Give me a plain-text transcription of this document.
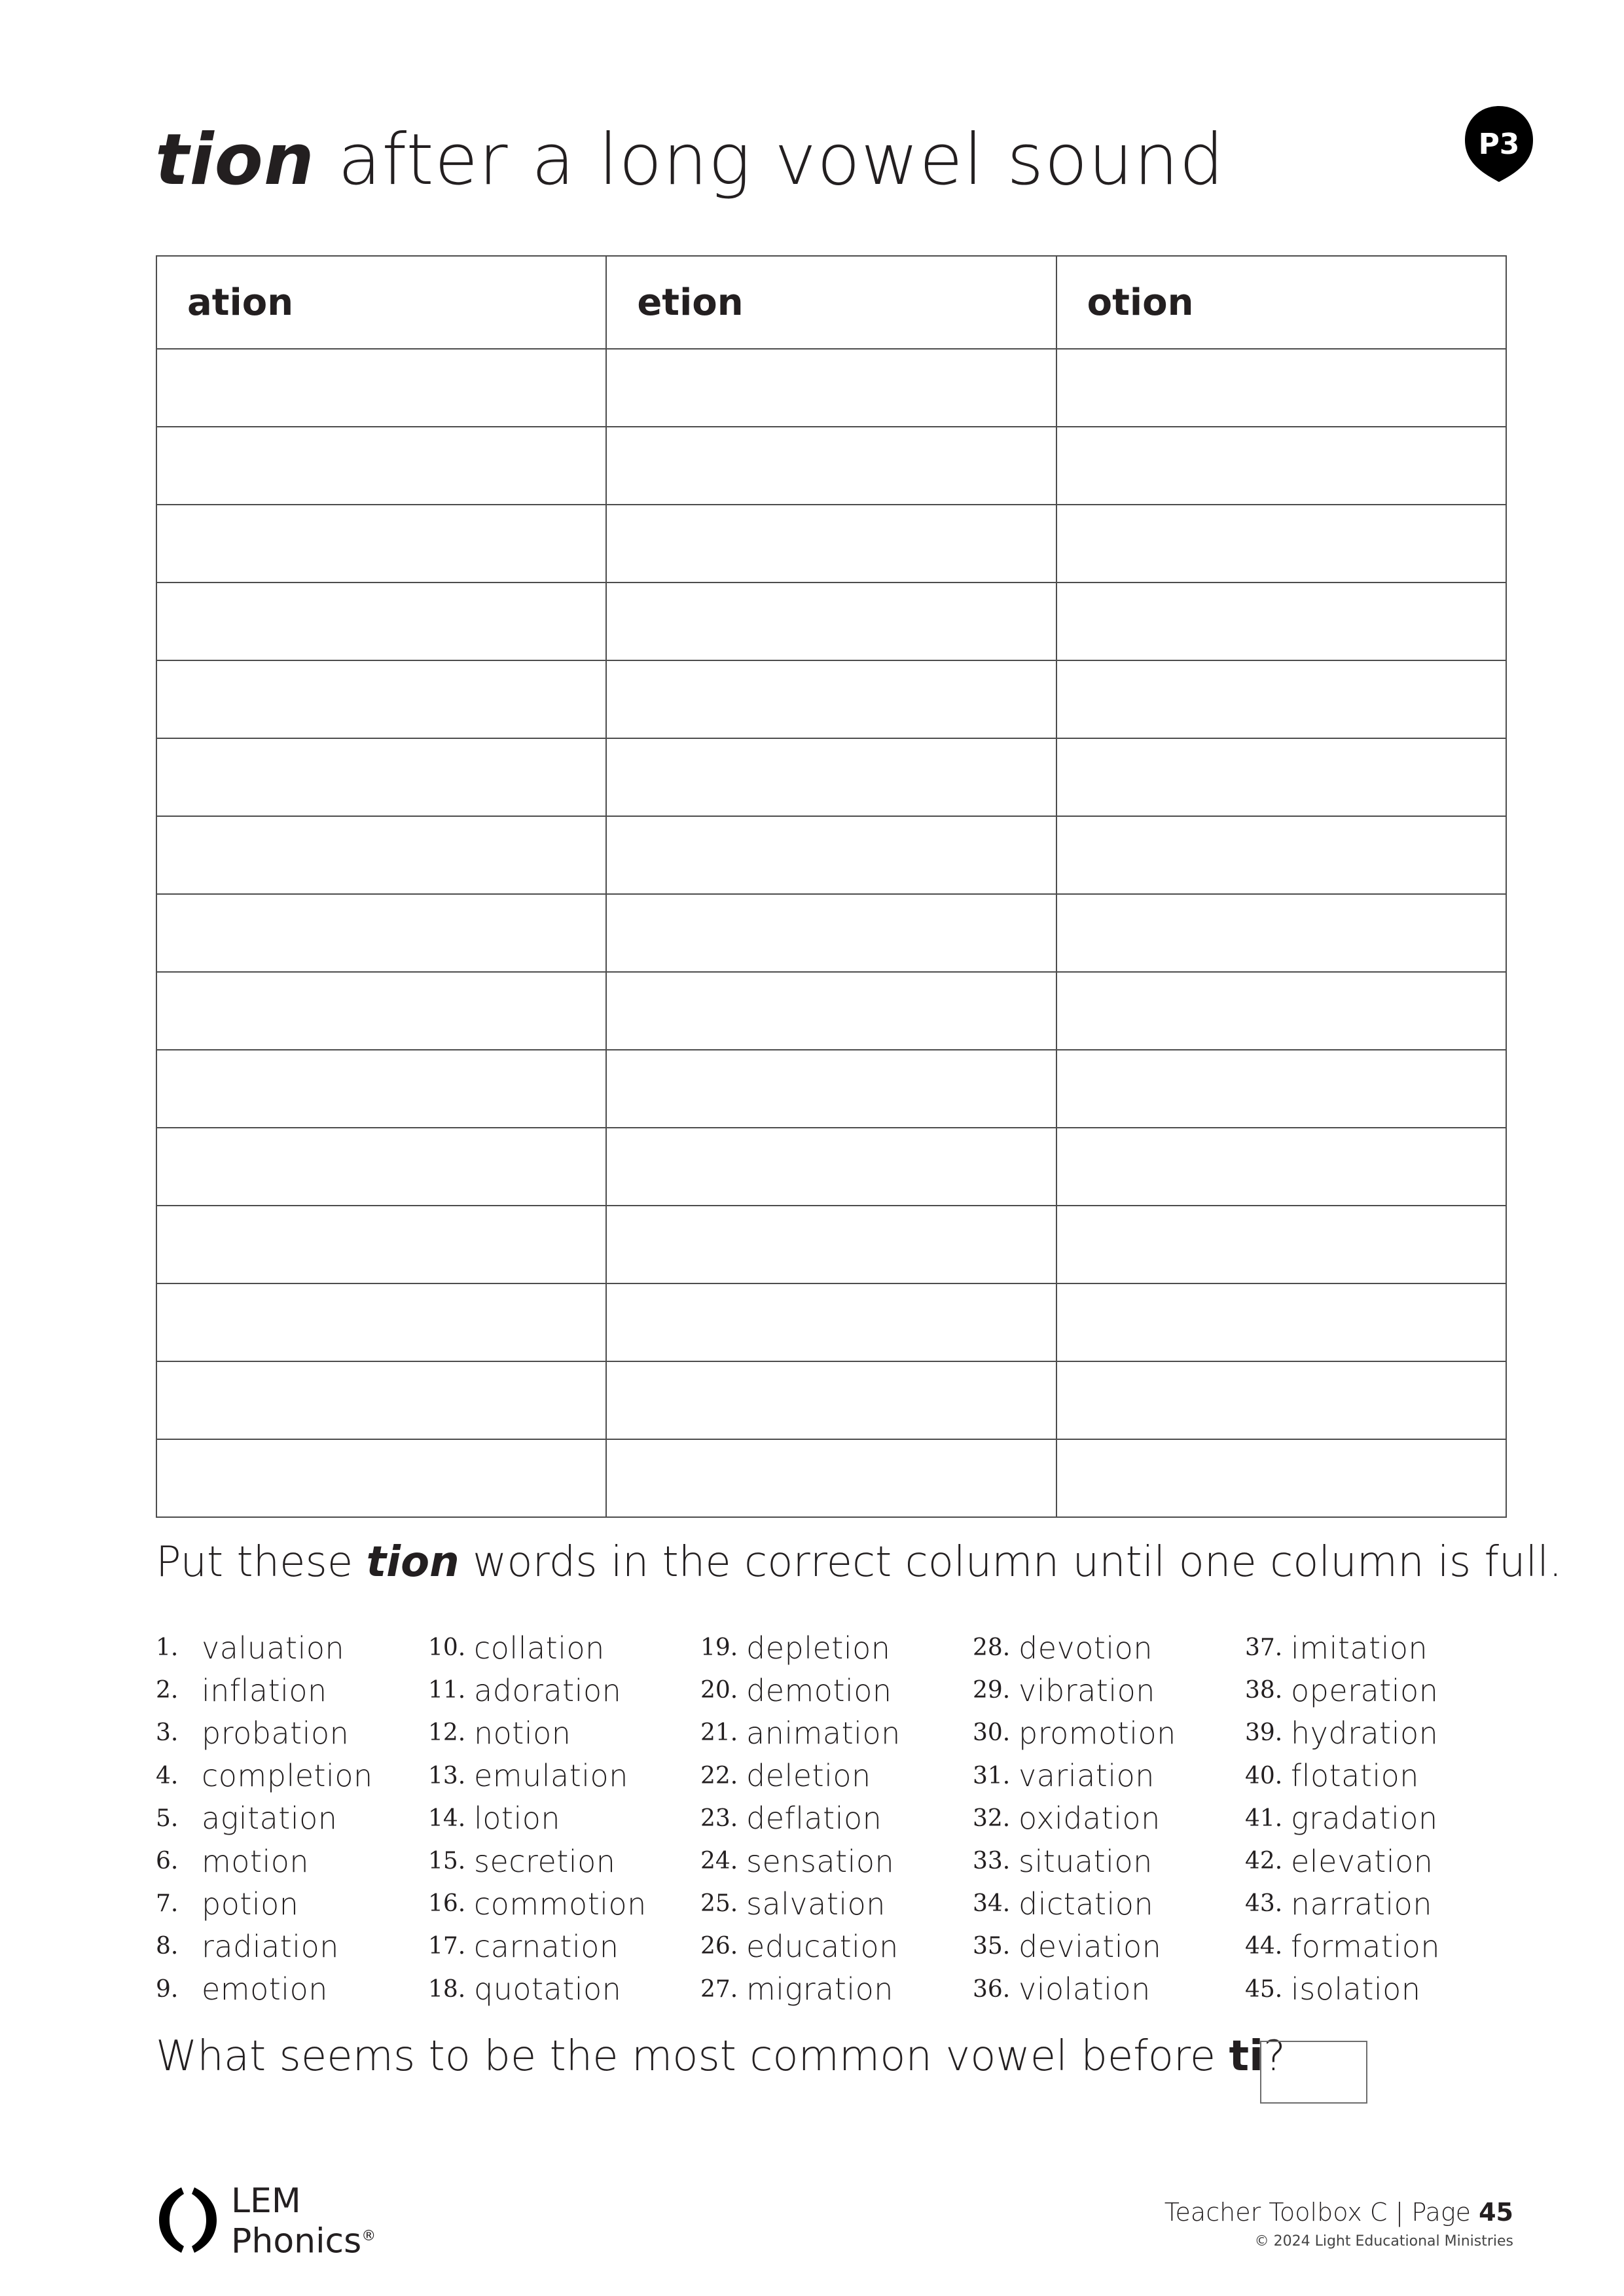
tion after a long vowel sound	P3
ation	etion	otion

Put these tion words in the correct column until one column is full.
1. valuation
2. inflation
3. probation
4. completion
5. agitation
6. motion
7. potion
8. radiation
9. emotion
10. collation
11. adoration
12. notion
13. emulation
14. lotion
15. secretion
16. commotion
17. carnation
18. quotation
19. depletion
20. demotion
21. animation
22. deletion
23. deflation
24. sensation
25. salvation
26. education
27. migration
28. devotion
29. vibration
30. promotion
31. variation
32. oxidation
33. situation
34. dictation
35. deviation
36. violation
37. imitation
38. operation
39. hydration
40. flotation
41. gradation
42. elevation
43. narration
44. formation
45. isolation
What seems to be the most common vowel before ti?
LEM
Phonics®
Teacher Toolbox C | Page 45
© 2024 Light Educational Ministries
